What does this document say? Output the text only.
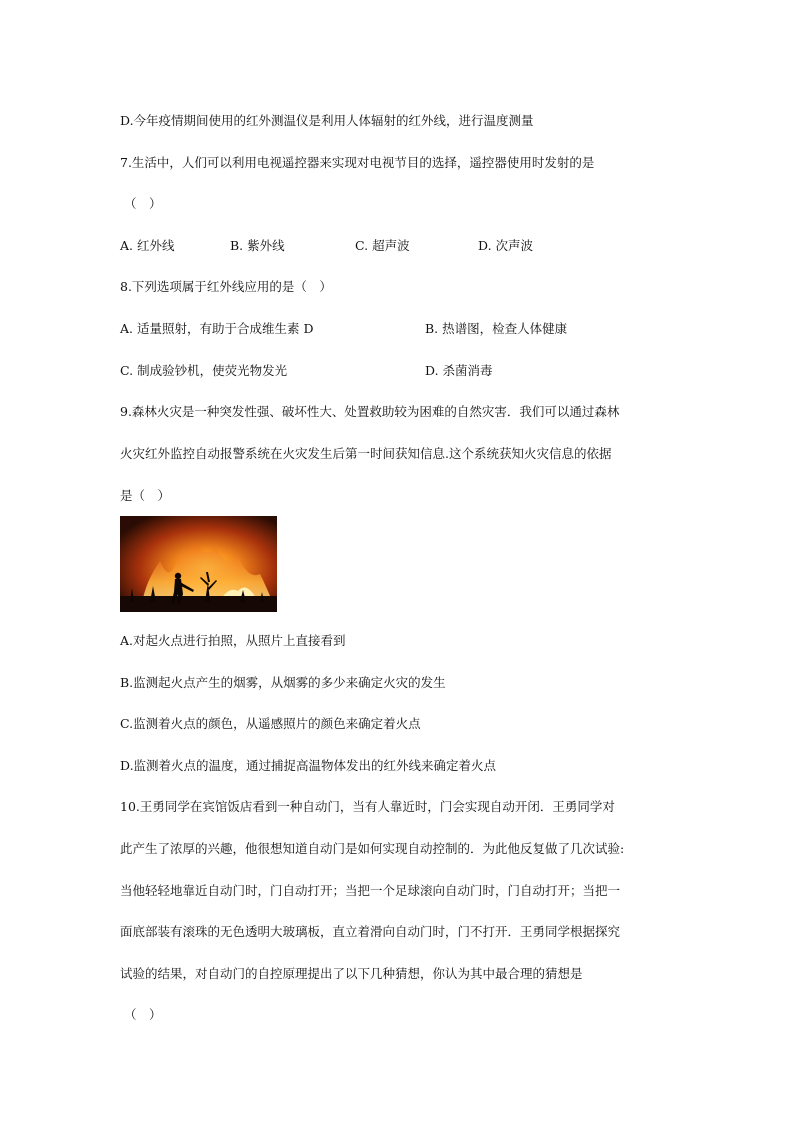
D.今年疫情期间使用的红外测温仪是利用人体辐射的红外线，进行温度测量
7.生活中，人们可以利用电视遥控器来实现对电视节目的选择，遥控器使用时发射的是
（　）
A. 红外线	B. 紫外线	C. 超声波	D. 次声波
8.下列选项属于红外线应用的是（　）
A. 适量照射，有助于合成维生素 D	B. 热谱图，检查人体健康
C. 制成验钞机，使荧光物发光	D. 杀菌消毒
9.森林火灾是一种突发性强、破坏性大、处置救助较为困难的自然灾害．我们可以通过森林
火灾红外监控自动报警系统在火灾发生后第一时间获知信息.这个系统获知火灾信息的依据
是（　）
A.对起火点进行拍照，从照片上直接看到
B.监测起火点产生的烟雾，从烟雾的多少来确定火灾的发生
C.监测着火点的颜色，从遥感照片的颜色来确定着火点
D.监测着火点的温度，通过捕捉高温物体发出的红外线来确定着火点
10.王勇同学在宾馆饭店看到一种自动门，当有人靠近时，门会实现自动开闭．王勇同学对
此产生了浓厚的兴趣，他很想知道自动门是如何实现自动控制的．为此他反复做了几次试验:
当他轻轻地靠近自动门时，门自动打开；当把一个足球滚向自动门时，门自动打开；当把一
面底部装有滚珠的无色透明大玻璃板，直立着滑向自动门时，门不打开．王勇同学根据探究
试验的结果，对自动门的自控原理提出了以下几种猜想，你认为其中最合理的猜想是
（　）
